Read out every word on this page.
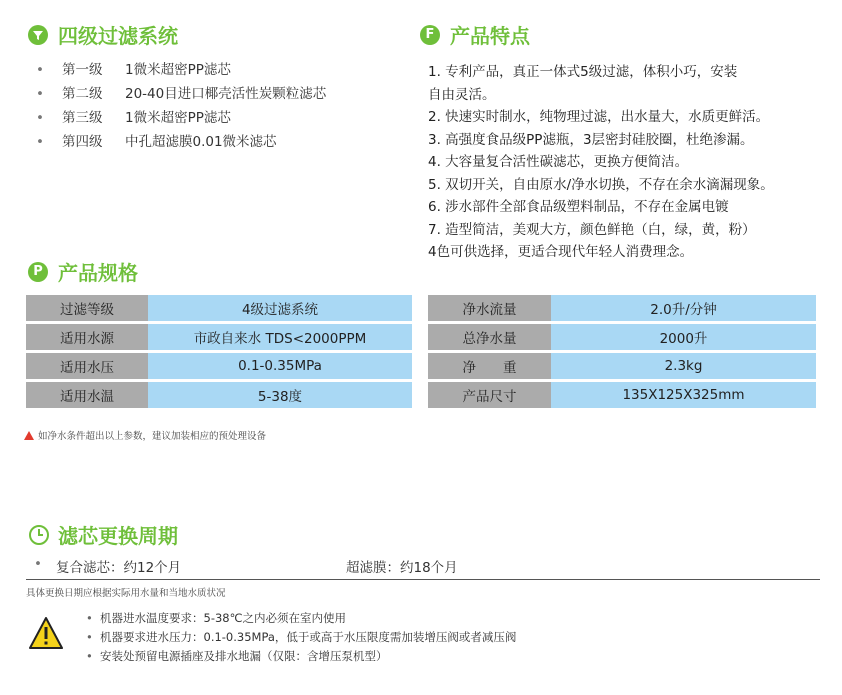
四级过滤系统
•	第一级	1微米超密PP滤芯
•	第二级	20-40目进口椰壳活性炭颗粒滤芯
•	第三级	1微米超密PP滤芯
•	第四级	中孔超滤膜0.01微米滤芯
F 产品特点
1. 专利产品，真正一体式5级过滤，体积小巧，安装
自由灵活。
2. 快速实时制水，纯物理过滤，出水量大，水质更鲜活。
3. 高强度食品级PP滤瓶，3层密封硅胶圈，杜绝渗漏。
4. 大容量复合活性碳滤芯，更换方便简洁。
5. 双切开关，自由原水/净水切换，不存在余水滴漏现象。
6. 涉水部件全部食品级塑料制品，不存在金属电镀
7. 造型简洁，美观大方，颜色鲜艳（白，绿，黄，粉）
4色可供选择，更适合现代年轻人消费理念。
P 产品规格
过滤等级	4级过滤系统
适用水源	市政自来水 TDS<2000PPM
适用水压	0.1-0.35MPa
适用水温	5-38度
净水流量	2.0升/分钟
总净水量	2000升
净　　重	2.3kg
产品尺寸	135X125X325mm
如净水条件超出以上参数，建议加装相应的预处理设备
滤芯更换周期
•	复合滤芯：约12个月	超滤膜：约18个月
具体更换日期应根据实际用水量和当地水质状况
• 机器进水温度要求：5-38℃之内必须在室内使用
• 机器要求进水压力：0.1-0.35MPa，低于或高于水压限度需加装增压阀或者减压阀
• 安装处预留电源插座及排水地漏（仅限：含增压泵机型）
